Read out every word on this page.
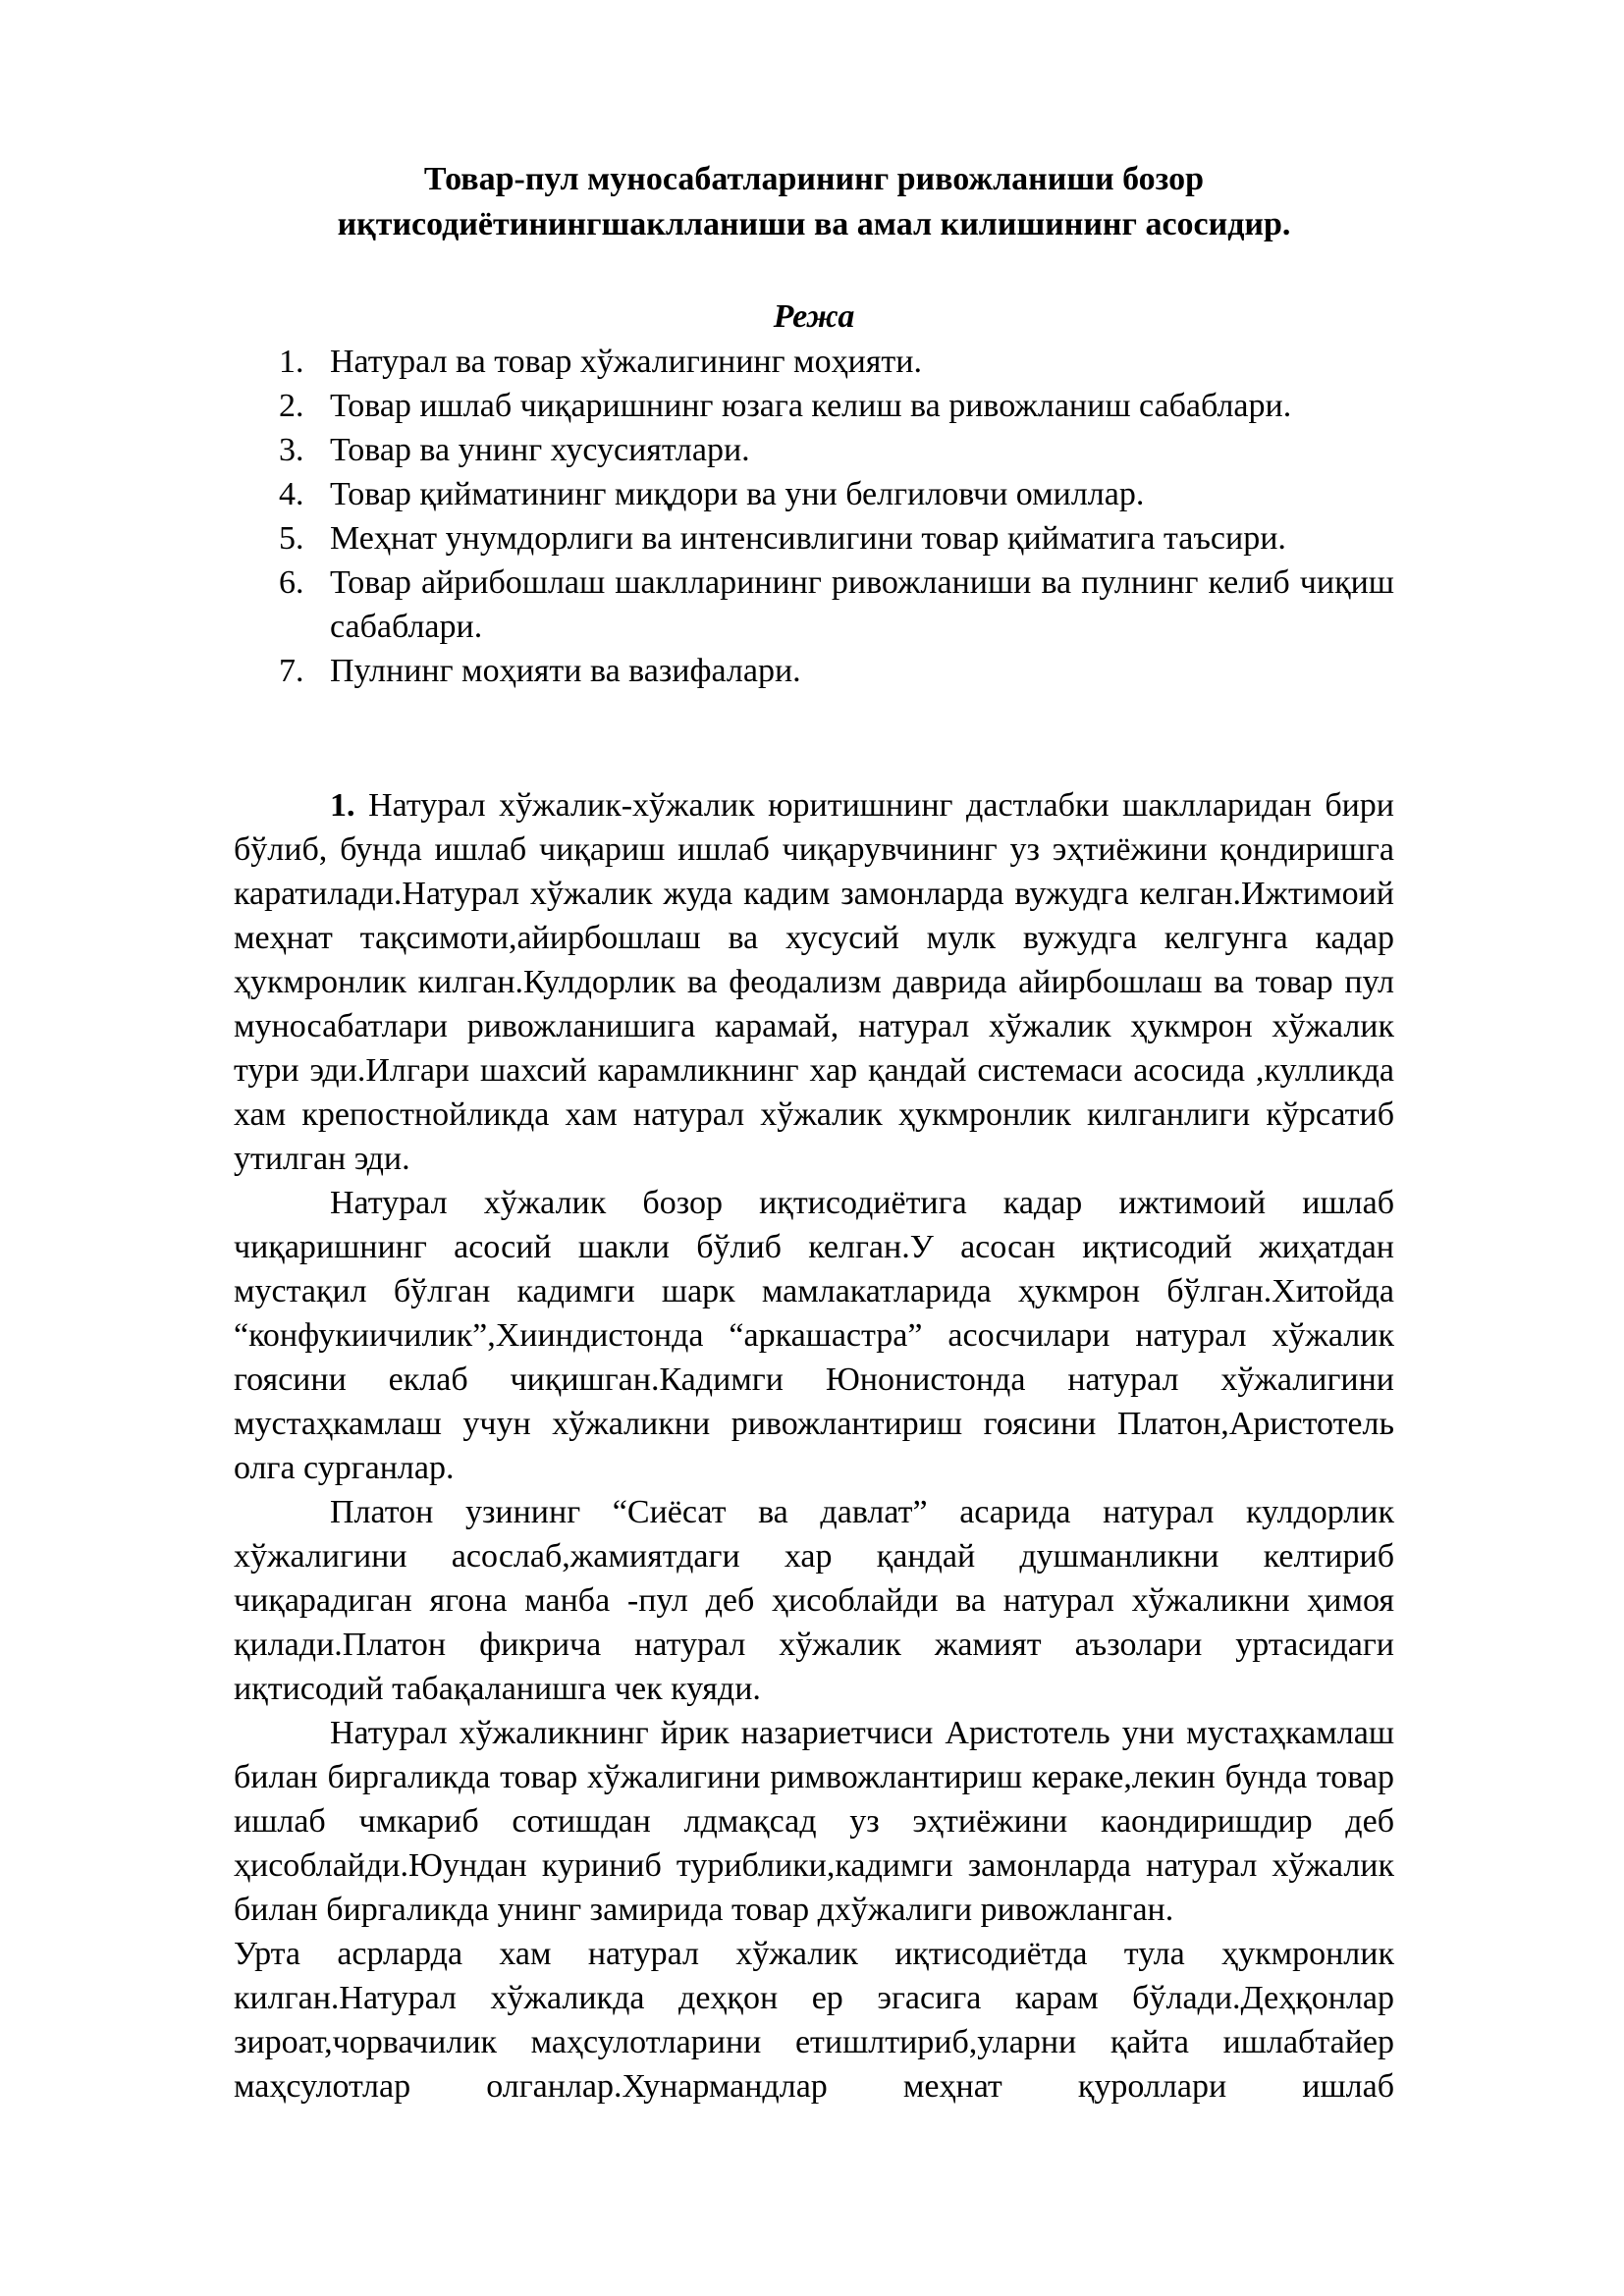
Товар-пул муносабатларининг ривожланиши бозор
иқтисодиётинингшаклланиши ва амал килишининг асосидир.
Режа
1. Натурал ва товар хўжалигининг моҳияти.
2. Товар ишлаб чиқаришнинг юзага келиш ва ривожланиш сабаблари.
3. Товар ва унинг хусусиятлари.
4. Товар қийматининг миқдори ва уни белгиловчи омиллар.
5. Меҳнат унумдорлиги ва интенсивлигини товар қийматига таъсири.
6. Товар айрибошлаш шаклларининг ривожланиши ва пулнинг келиб чиқиш сабаблари.
7. Пулнинг моҳияти ва вазифалари.

1. Натурал хўжалик-хўжалик юритишнинг дастлабки шаклларидан бири бўлиб, бунда ишлаб чиқариш ишлаб чиқарувчининг уз эҳтиёжини қондиришга каратилади.Натурал хўжалик жуда кадим замонларда вужудга келган.Ижтимоий меҳнат тақсимоти,айирбошлаш ва хусусий мулк вужудга келгунга кадар ҳукмронлик килган.Кулдорлик ва феодализм даврида айирбошлаш ва товар пул муносабатлари ривожланишига карамай, натурал хўжалик ҳукмрон хўжалик тури эди.Илгари шахсий карамликнинг хар қандай системаси асосида ,кулликда хам крепостнойликда хам натурал хўжалик ҳукмронлик килганлиги кўрсатиб утилган эди.

Натурал хўжалик бозор иқтисодиётига кадар ижтимоий ишлаб чиқаришнинг асосий шакли бўлиб келган.У асосан иқтисодий жиҳатдан мустақил бўлган кадимги шарк мамлакатларида ҳукмрон бўлган.Хитойда “конфукиичилик”,Хииндистонда “аркашастра” асосчилари натурал хўжалик гоясини еклаб чиқишган.Кадимги Юнонистонда натурал хўжалигини мустаҳкамлаш учун хўжаликни ривожлантириш гоясини Платон,Аристотель олга сурганлар.

Платон узининг “Сиёсат ва давлат” асарида натурал кулдорлик хўжалигини асослаб,жамиятдаги хар қандай душманликни келтириб чиқарадиган ягона манба -пул деб ҳисоблайди ва натурал хўжаликни ҳимоя қилади.Платон фикрича натурал хўжалик жамият аъзолари уртасидаги иқтисодий табақаланишга чек куяди.

Натурал хўжаликнинг йрик назариетчиси Аристотель уни мустаҳкамлаш билан биргаликда товар хўжалигини римвожлантириш кераке,лекин бунда товар ишлаб чмкариб сотишдан лдмақсад уз эҳтиёжини каондиришдир деб ҳисоблайди.Юундан куриниб туриблики,кадимги замонларда натурал хўжалик билан биргаликда унинг замирида товар дхўжалиги ривожланган.

Урта асрларда хам натурал хўжалик иқтисодиётда тула ҳукмронлик килган.Натурал хўжаликда деҳқон ер эгасига карам бўлади.Деҳқонлар зироат,чорвачилик маҳсулотларини етишлтириб,уларни қайта ишлабтайер маҳсулотлар олганлар.Хунармандлар меҳнат қуроллари ишлаб
